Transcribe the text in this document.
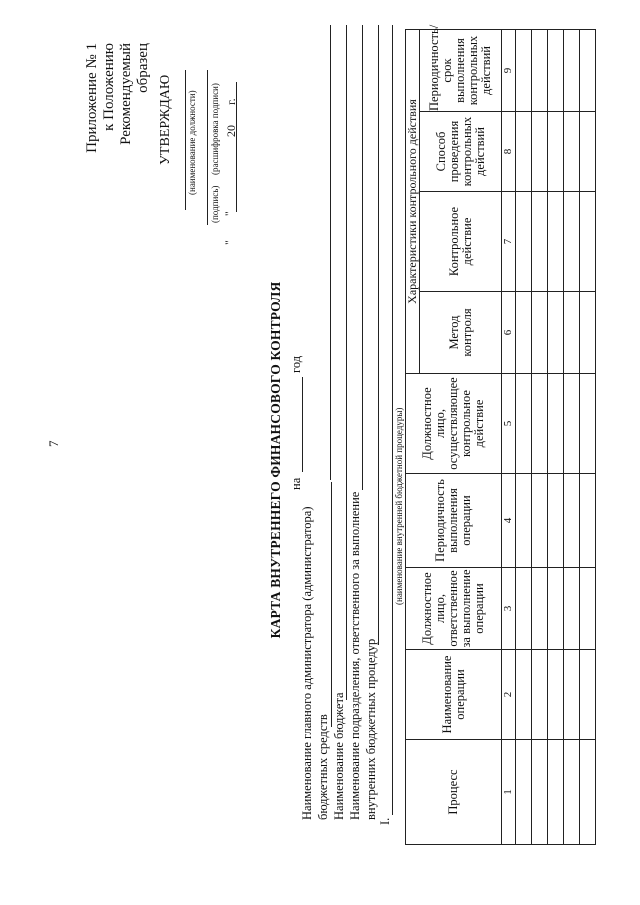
7
Приложение № 1 к Положению Рекомендуемый образец
УТВЕРЖДАЮ (наименование должности)
(подпись)
(расшифровка подписи)
"        "
20
г.
КАРТА ВНУТРЕННЕГО ФИНАНСОВОГО КОНТРОЛЯ на
год
Наименование главного администратора (администратора) бюджетных средств Наименование бюджета Наименование подразделения, ответственного за выполнение внутренних бюджетных процедур
I.
(наименование внутренней бюджетной процедуры)
Процесс	Наименование операции	Должностное лицо, ответственное за выполнение операции	Периодичность выполнения операции	Должностное лицо, осуществляющее контрольное действие	Характеристики контрольного действия			
					Метод контроля	Контрольное действие	Способ проведения контрольных действий	Периодичность/ срок выполнения контрольных действий
1	2	3	4	5	6	7	8	9
